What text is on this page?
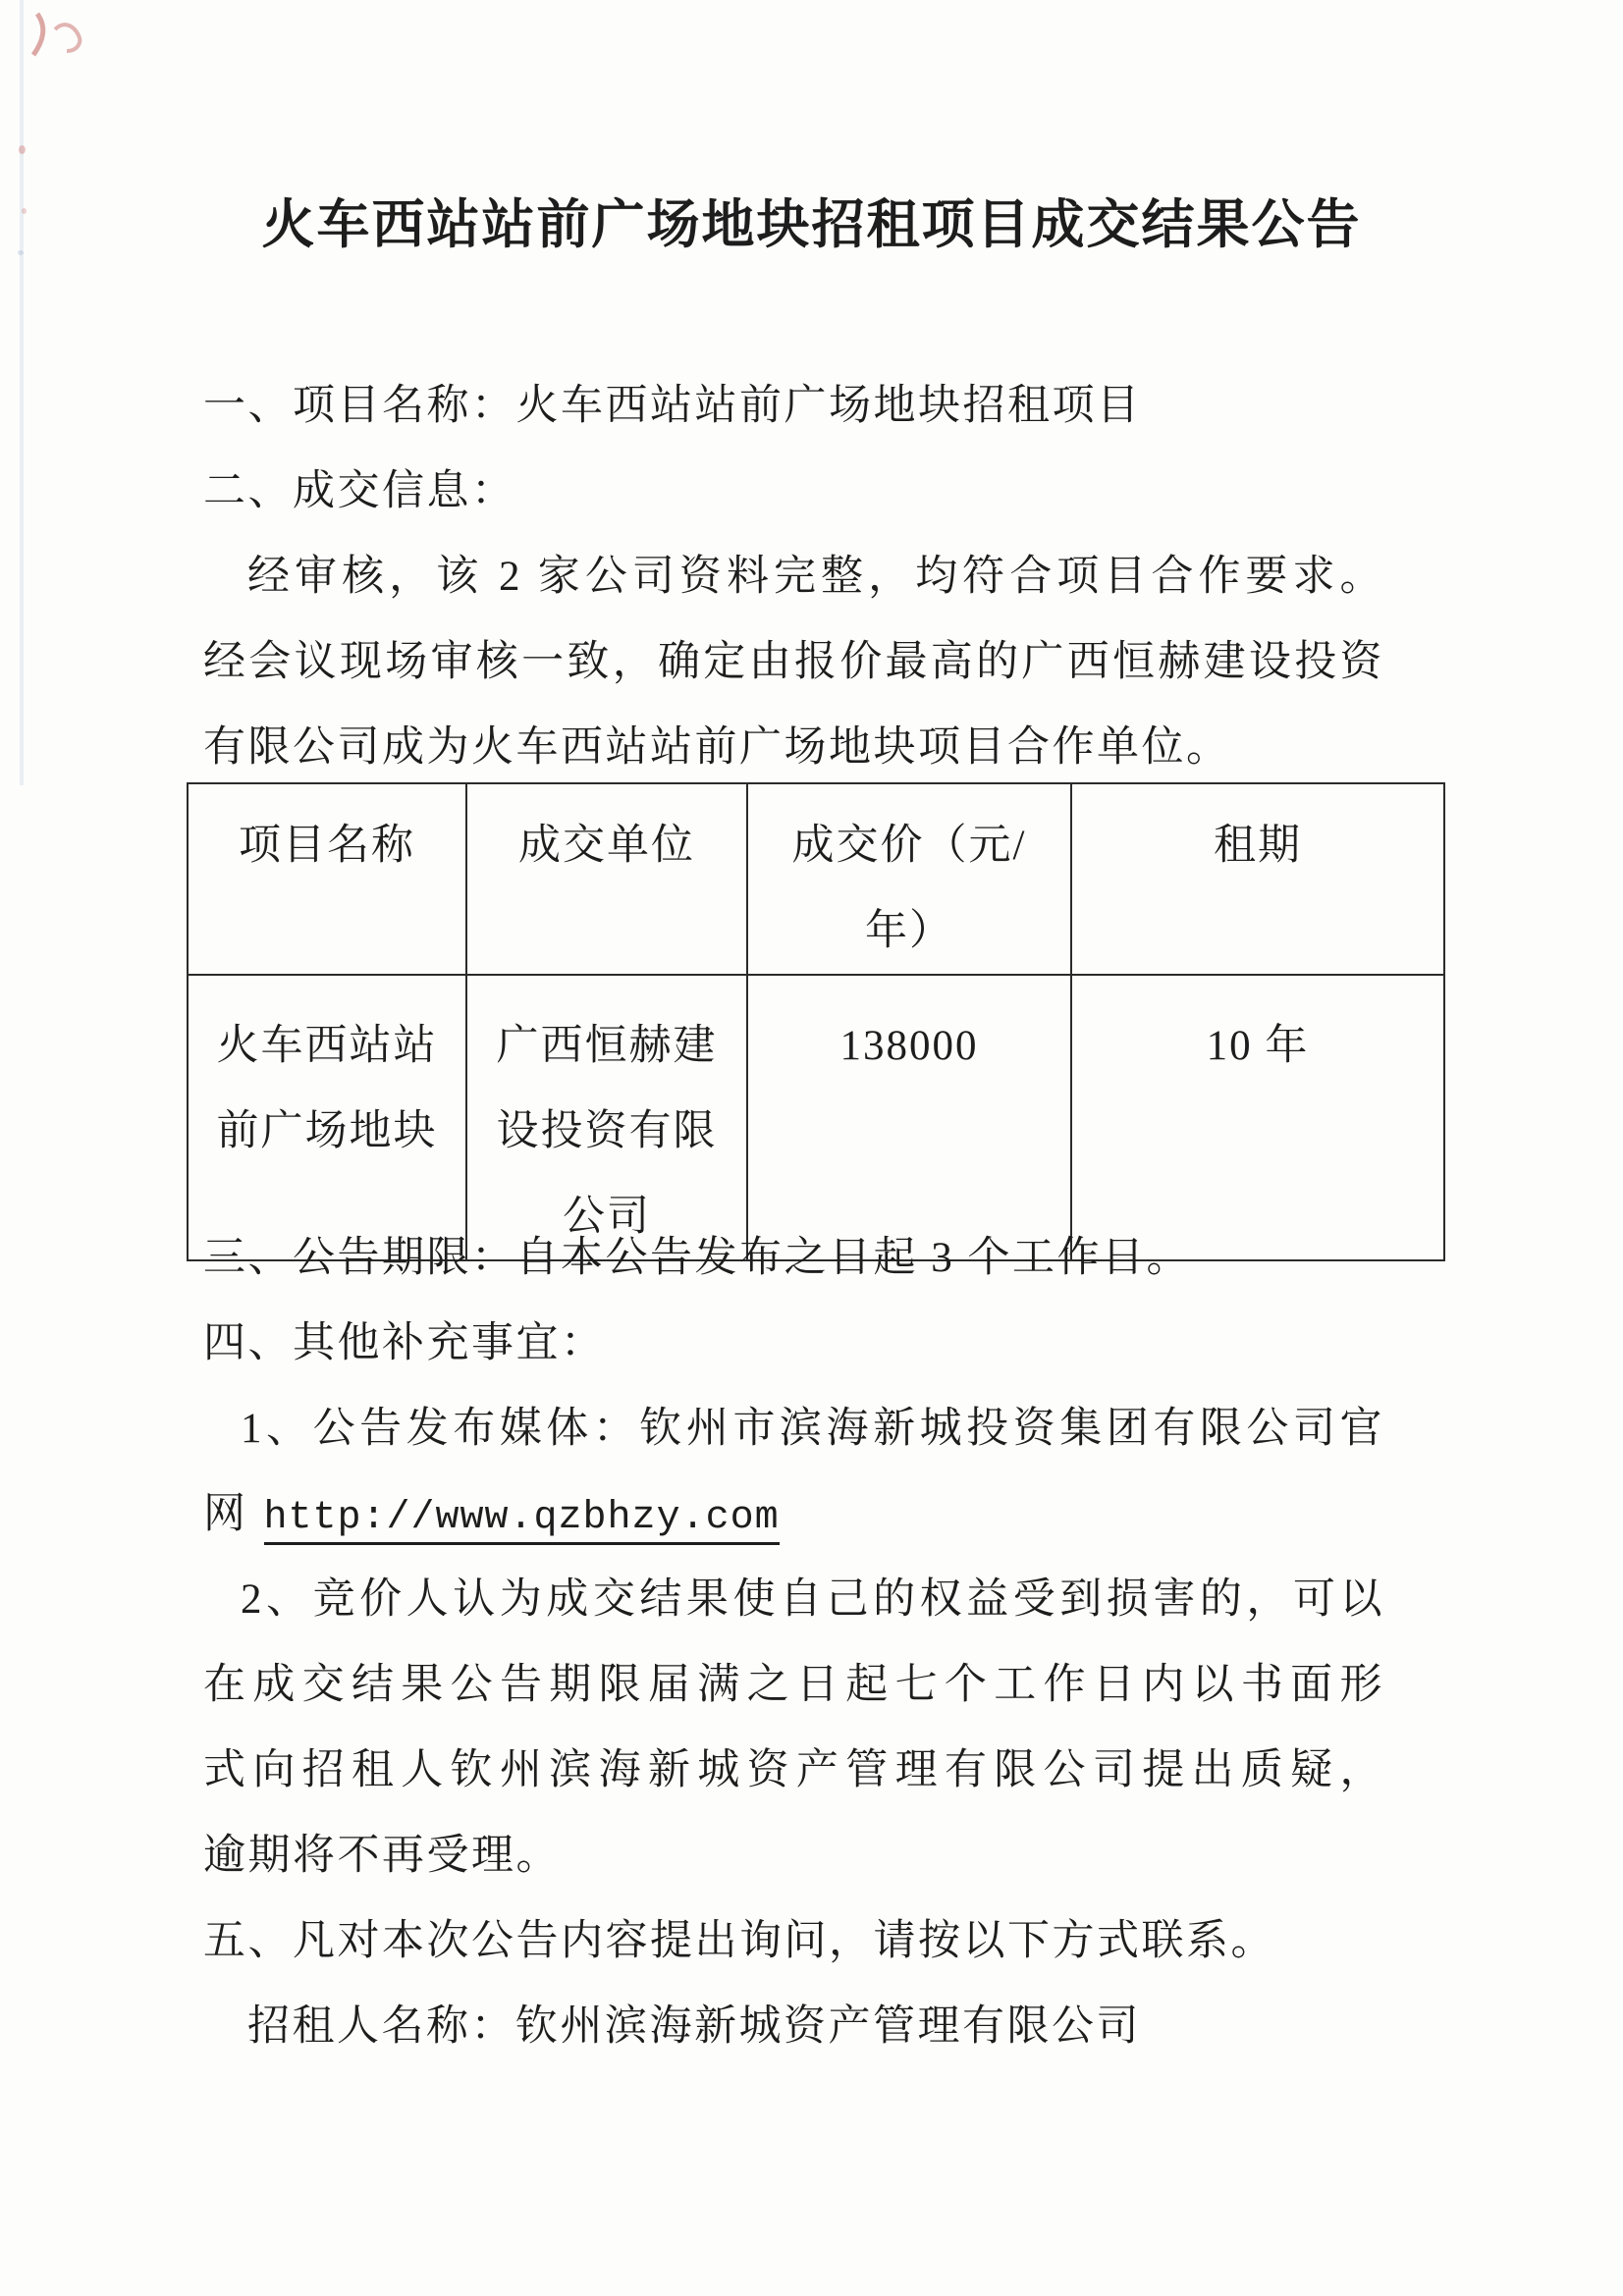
火车西站站前广场地块招租项目成交结果公告
一、项目名称：火车西站站前广场地块招租项目
二、成交信息：
经审核，该 2 家公司资料完整，均符合项目合作要求。
经会议现场审核一致，确定由报价最高的广西恒赫建设投资
有限公司成为火车西站站前广场地块项目合作单位。
项目名称	成交单位	成交价（元/年）	租期
火车西站站前广场地块	广西恒赫建设投资有限公司	138000	10 年
三、公告期限：自本公告发布之日起 3 个工作日。
四、其他补充事宜：
1、公告发布媒体：钦州市滨海新城投资集团有限公司官
网 http://www.qzbhzy.com
2、竞价人认为成交结果使自己的权益受到损害的，可以
在成交结果公告期限届满之日起七个工作日内以书面形
式向招租人钦州滨海新城资产管理有限公司提出质疑，
逾期将不再受理。
五、凡对本次公告内容提出询问，请按以下方式联系。
招租人名称：钦州滨海新城资产管理有限公司
